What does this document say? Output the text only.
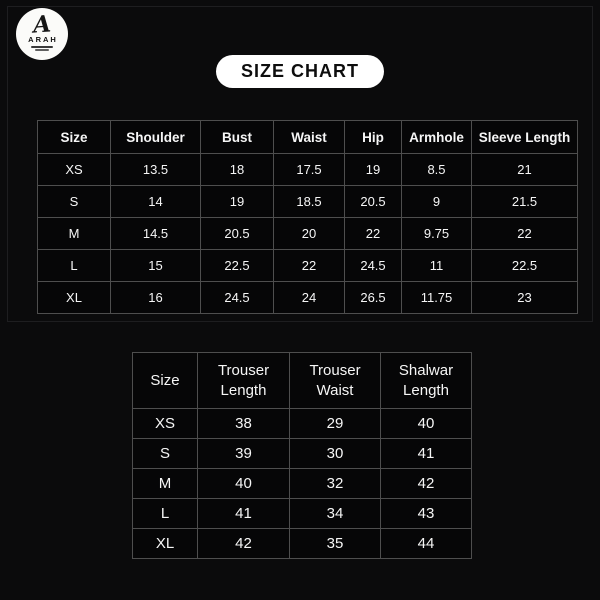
A
ARAH
SIZE CHART
Size	Shoulder	Bust	Waist	Hip	Armhole	Sleeve Length
XS	13.5	18	17.5	19	8.5	21
S	14	19	18.5	20.5	9	21.5
M	14.5	20.5	20	22	9.75	22
L	15	22.5	22	24.5	11	22.5
XL	16	24.5	24	26.5	11.75	23
Size	Trouser Length	Trouser Waist	Shalwar Length
XS	38	29	40
S	39	30	41
M	40	32	42
L	41	34	43
XL	42	35	44
